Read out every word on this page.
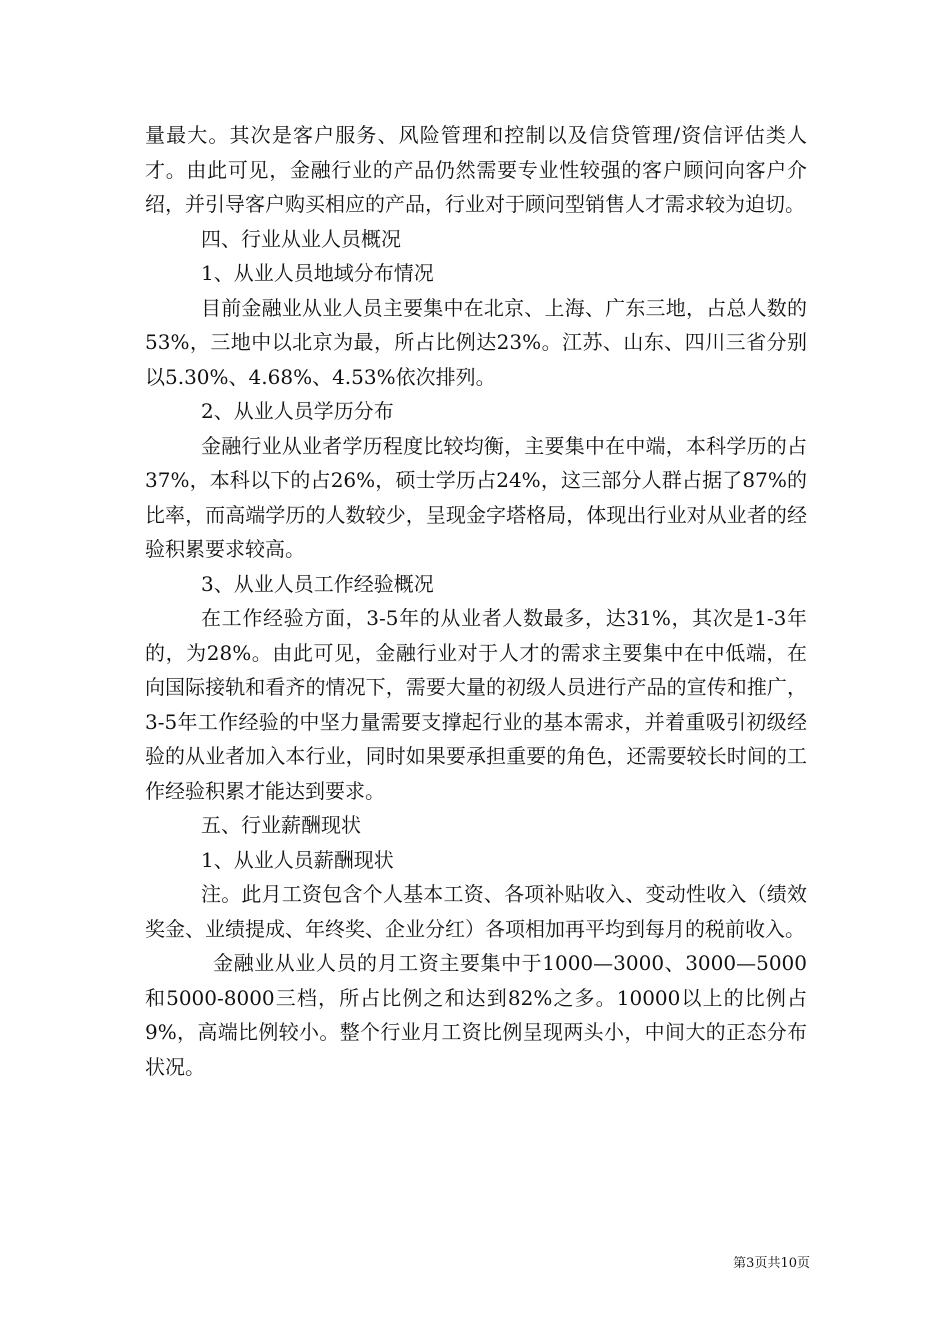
量最大。其次是客户服务、风险管理和控制以及信贷管理/资信评估类人才。由此可见，金融行业的产品仍然需要专业性较强的客户顾问向客户介绍，并引导客户购买相应的产品，行业对于顾问型销售人才需求较为迫切。

四、行业从业人员概况

1、从业人员地域分布情况

目前金融业从业人员主要集中在北京、上海、广东三地，占总人数的53%，三地中以北京为最，所占比例达23%。江苏、山东、四川三省分别以5.30%、4.68%、4.53%依次排列。

2、从业人员学历分布

金融行业从业者学历程度比较均衡，主要集中在中端，本科学历的占37%，本科以下的占26%，硕士学历占24%，这三部分人群占据了87%的比率，而高端学历的人数较少，呈现金字塔格局，体现出行业对从业者的经验积累要求较高。

3、从业人员工作经验概况

在工作经验方面，3-5年的从业者人数最多，达31%，其次是1-3年的，为28%。由此可见，金融行业对于人才的需求主要集中在中低端，在向国际接轨和看齐的情况下，需要大量的初级人员进行产品的宣传和推广，3-5年工作经验的中坚力量需要支撑起行业的基本需求，并着重吸引初级经验的从业者加入本行业，同时如果要承担重要的角色，还需要较长时间的工作经验积累才能达到要求。

五、行业薪酬现状

1、从业人员薪酬现状

注。此月工资包含个人基本工资、各项补贴收入、变动性收入（绩效奖金、业绩提成、年终奖、企业分红）各项相加再平均到每月的税前收入。

金融业从业人员的月工资主要集中于1000—3000、3000—5000和5000-8000三档，所占比例之和达到82%之多。10000以上的比例占9%，高端比例较小。整个行业月工资比例呈现两头小，中间大的正态分布状况。

第3页共10页
